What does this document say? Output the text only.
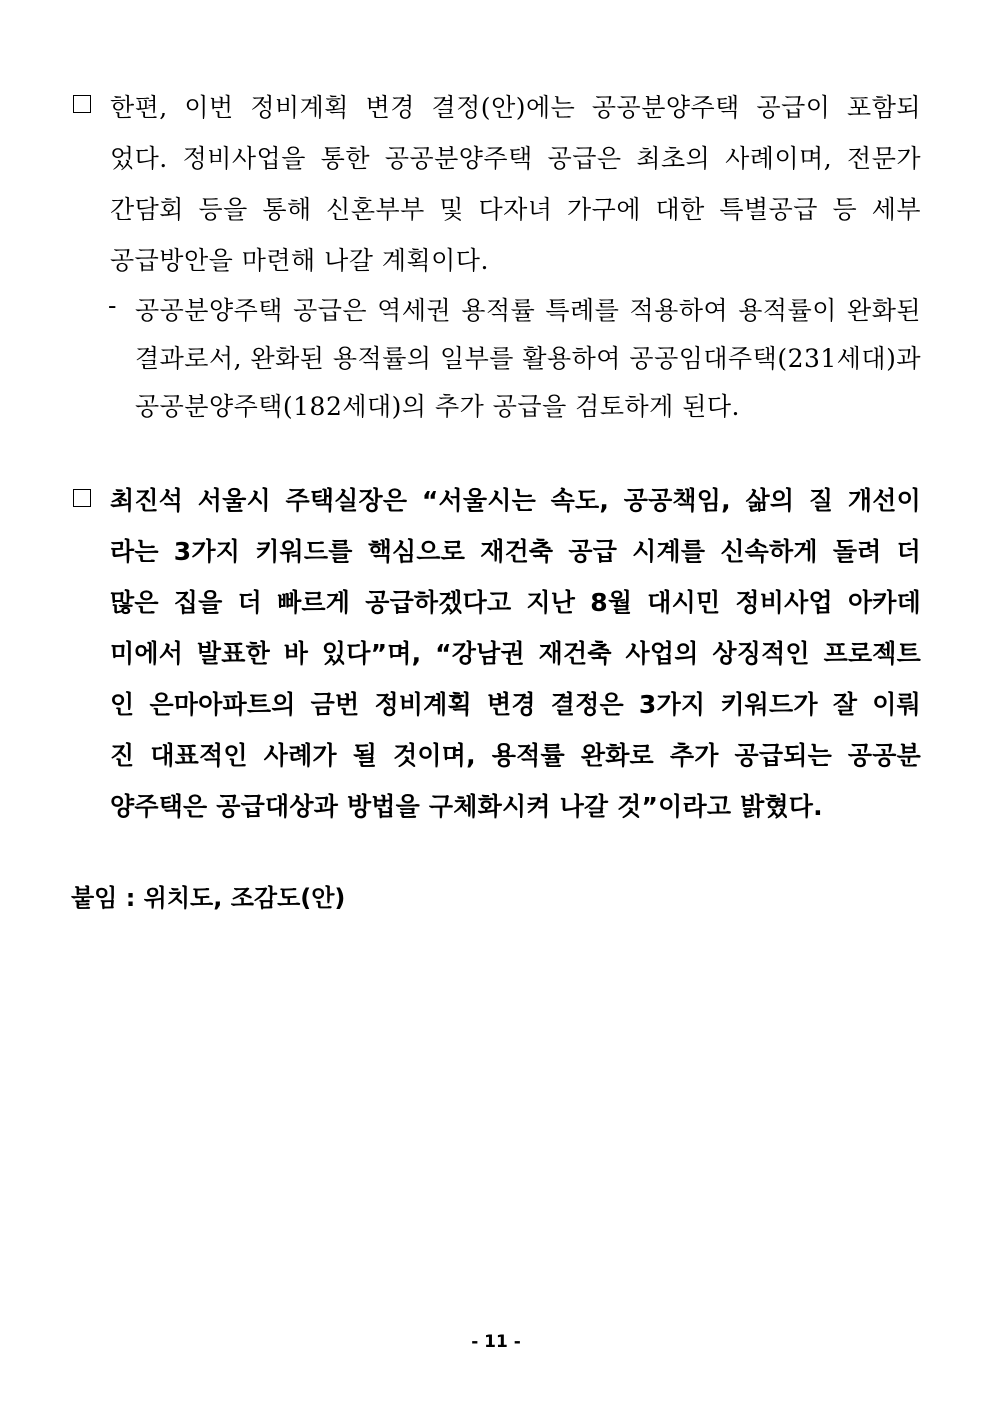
한편, 이번 정비계획 변경 결정(안)에는 공공분양주택 공급이 포함되
었다. 정비사업을 통한 공공분양주택 공급은 최초의 사례이며, 전문가
간담회 등을 통해 신혼부부 및 다자녀 가구에 대한 특별공급 등 세부
공급방안을 마련해 나갈 계획이다.
- 공공분양주택 공급은 역세권 용적률 특례를 적용하여 용적률이 완화된
결과로서, 완화된 용적률의 일부를 활용하여 공공임대주택(231세대)과
공공분양주택(182세대)의 추가 공급을 검토하게 된다.
최진석 서울시 주택실장은 “서울시는 속도, 공공책임, 삶의 질 개선이
라는 3가지 키워드를 핵심으로 재건축 공급 시계를 신속하게 돌려 더
많은 집을 더 빠르게 공급하겠다고 지난 8월 대시민 정비사업 아카데
미에서 발표한 바 있다”며, “강남권 재건축 사업의 상징적인 프로젝트
인 은마아파트의 금번 정비계획 변경 결정은 3가지 키워드가 잘 이뤄
진 대표적인 사례가 될 것이며, 용적률 완화로 추가 공급되는 공공분
양주택은 공급대상과 방법을 구체화시켜 나갈 것”이라고 밝혔다.
붙임 : 위치도, 조감도(안)
- 11 -
